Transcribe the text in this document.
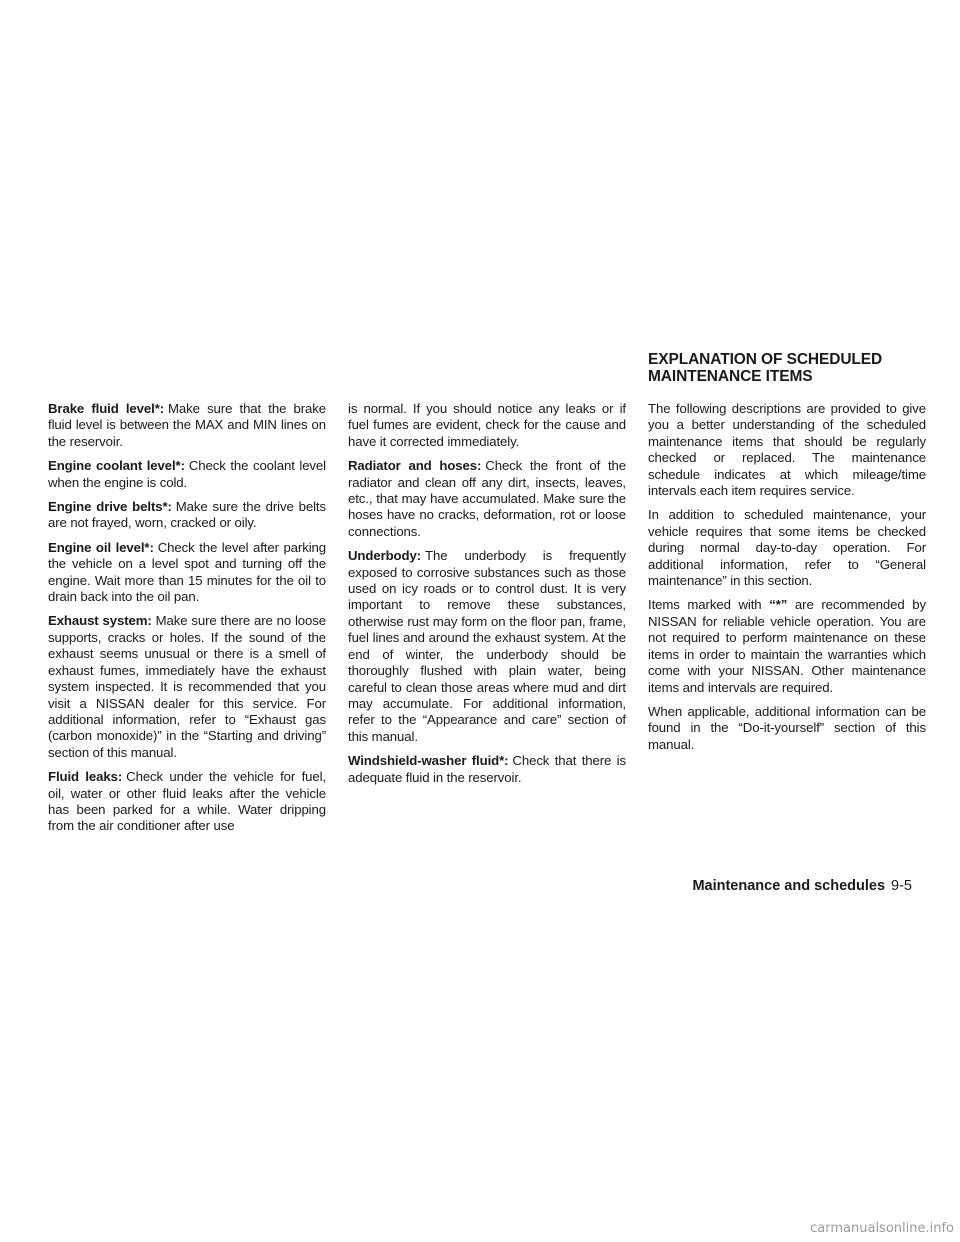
EXPLANATION OF SCHEDULED MAINTENANCE ITEMS

Brake fluid level*: Make sure that the brake fluid level is between the MAX and MIN lines on the reservoir.

Engine coolant level*: Check the coolant level when the engine is cold.

Engine drive belts*: Make sure the drive belts are not frayed, worn, cracked or oily.

Engine oil level*: Check the level after parking the vehicle on a level spot and turning off the engine. Wait more than 15 minutes for the oil to drain back into the oil pan.

Exhaust system: Make sure there are no loose supports, cracks or holes. If the sound of the exhaust seems unusual or there is a smell of exhaust fumes, immediately have the exhaust system inspected. It is recommended that you visit a NISSAN dealer for this service. For additional information, refer to “Exhaust gas (carbon monoxide)” in the “Starting and driving” section of this manual.

Fluid leaks: Check under the vehicle for fuel, oil, water or other fluid leaks after the vehicle has been parked for a while. Water dripping from the air conditioner after use

is normal. If you should notice any leaks or if fuel fumes are evident, check for the cause and have it corrected immediately.

Radiator and hoses: Check the front of the radiator and clean off any dirt, insects, leaves, etc., that may have accumulated. Make sure the hoses have no cracks, deformation, rot or loose connections.

Underbody: The underbody is frequently exposed to corrosive substances such as those used on icy roads or to control dust. It is very important to remove these substances, otherwise rust may form on the floor pan, frame, fuel lines and around the exhaust system. At the end of winter, the underbody should be thoroughly flushed with plain water, being careful to clean those areas where mud and dirt may accumulate. For additional information, refer to the “Appearance and care” section of this manual.

Windshield-washer fluid*: Check that there is adequate fluid in the reservoir.

The following descriptions are provided to give you a better understanding of the scheduled maintenance items that should be regularly checked or replaced. The maintenance schedule indicates at which mileage/time intervals each item requires service.

In addition to scheduled maintenance, your vehicle requires that some items be checked during normal day-to-day operation. For additional information, refer to “General maintenance” in this section.

Items marked with “*” are recommended by NISSAN for reliable vehicle operation. You are not required to perform maintenance on these items in order to maintain the warranties which come with your NISSAN. Other maintenance items and intervals are required.

When applicable, additional information can be found in the “Do-it-yourself” section of this manual.

Maintenance and schedules 9-5
carmanualsonline.info
